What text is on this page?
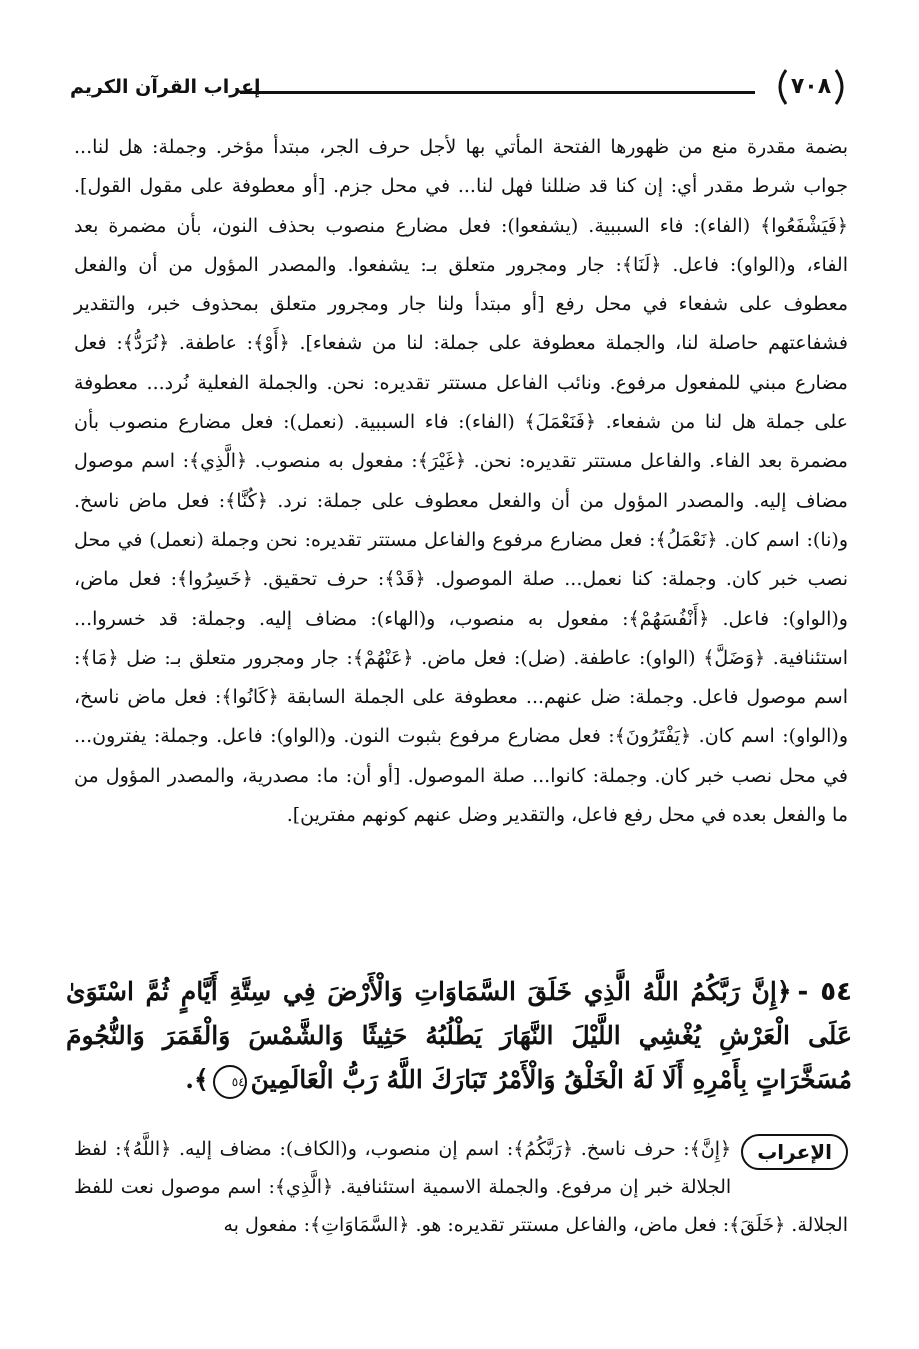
إعراب القرآن الكريم	٧٠٨

بضمة مقدرة منع من ظهورها الفتحة المأتي بها لأجل حرف الجر، مبتدأ مؤخر. وجملة: هل لنا... جواب شرط مقدر أي: إن كنا قد ضللنا فهل لنا... في محل جزم. [أو معطوفة على مقول القول]. ﴿فَيَشْفَعُوا﴾ (الفاء): فاء السببية. (يشفعوا): فعل مضارع منصوب بحذف النون، بأن مضمرة بعد الفاء، و(الواو): فاعل. ﴿لَنَا﴾: جار ومجرور متعلق بـ: يشفعوا. والمصدر المؤول من أن والفعل معطوف على شفعاء في محل رفع [أو مبتدأ ولنا جار ومجرور متعلق بمحذوف خبر، والتقدير فشفاعتهم حاصلة لنا، والجملة معطوفة على جملة: لنا من شفعاء]. ﴿أَوْ﴾: عاطفة. ﴿نُرَدُّ﴾: فعل مضارع مبني للمفعول مرفوع. ونائب الفاعل مستتر تقديره: نحن. والجملة الفعلية نُرد... معطوفة على جملة هل لنا من شفعاء. ﴿فَنَعْمَلَ﴾ (الفاء): فاء السببية. (نعمل): فعل مضارع منصوب بأن مضمرة بعد الفاء. والفاعل مستتر تقديره: نحن. ﴿غَيْرَ﴾: مفعول به منصوب. ﴿الَّذِي﴾: اسم موصول مضاف إليه. والمصدر المؤول من أن والفعل معطوف على جملة: نرد. ﴿كُنَّا﴾: فعل ماض ناسخ. و(نا): اسم كان. ﴿نَعْمَلُ﴾: فعل مضارع مرفوع والفاعل مستتر تقديره: نحن وجملة (نعمل) في محل نصب خبر كان. وجملة: كنا نعمل... صلة الموصول. ﴿قَدْ﴾: حرف تحقيق. ﴿خَسِرُوا﴾: فعل ماض، و(الواو): فاعل. ﴿أَنْفُسَهُمْ﴾: مفعول به منصوب، و(الهاء): مضاف إليه. وجملة: قد خسروا... استئنافية. ﴿وَضَلَّ﴾ (الواو): عاطفة. (ضل): فعل ماض. ﴿عَنْهُمْ﴾: جار ومجرور متعلق بـ: ضل ﴿مَا﴾: اسم موصول فاعل. وجملة: ضل عنهم... معطوفة على الجملة السابقة ﴿كَانُوا﴾: فعل ماض ناسخ، و(الواو): اسم كان. ﴿يَفْتَرُونَ﴾: فعل مضارع مرفوع بثبوت النون. و(الواو): فاعل. وجملة: يفترون... في محل نصب خبر كان. وجملة: كانوا... صلة الموصول. [أو أن: ما: مصدرية، والمصدر المؤول من ما والفعل بعده في محل رفع فاعل، والتقدير وضل عنهم كونهم مفترين].

٥٤ -﴿إِنَّ رَبَّكُمُ اللَّهُ الَّذِي خَلَقَ السَّمَاوَاتِ وَالْأَرْضَ فِي سِتَّةِ أَيَّامٍ ثُمَّ اسْتَوَىٰ عَلَى الْعَرْشِ يُغْشِي اللَّيْلَ النَّهَارَ يَطْلُبُهُ حَثِيثًا وَالشَّمْسَ وَالْقَمَرَ وَالنُّجُومَ مُسَخَّرَاتٍ بِأَمْرِهِ أَلَا لَهُ الْخَلْقُ وَالْأَمْرُ تَبَارَكَ اللَّهُ رَبُّ الْعَالَمِينَ٥٤﴾.
الإعراب
﴿إِنَّ﴾: حرف ناسخ. ﴿رَبَّكُمُ﴾: اسم إن منصوب، و(الكاف): مضاف إليه. ﴿اللَّهُ﴾: لفظ الجلالة خبر إن مرفوع. والجملة الاسمية استئنافية. ﴿الَّذِي﴾: اسم موصول نعت للفظ الجلالة. ﴿خَلَقَ﴾: فعل ماض، والفاعل مستتر تقديره: هو. ﴿السَّمَاوَاتِ﴾: مفعول به
